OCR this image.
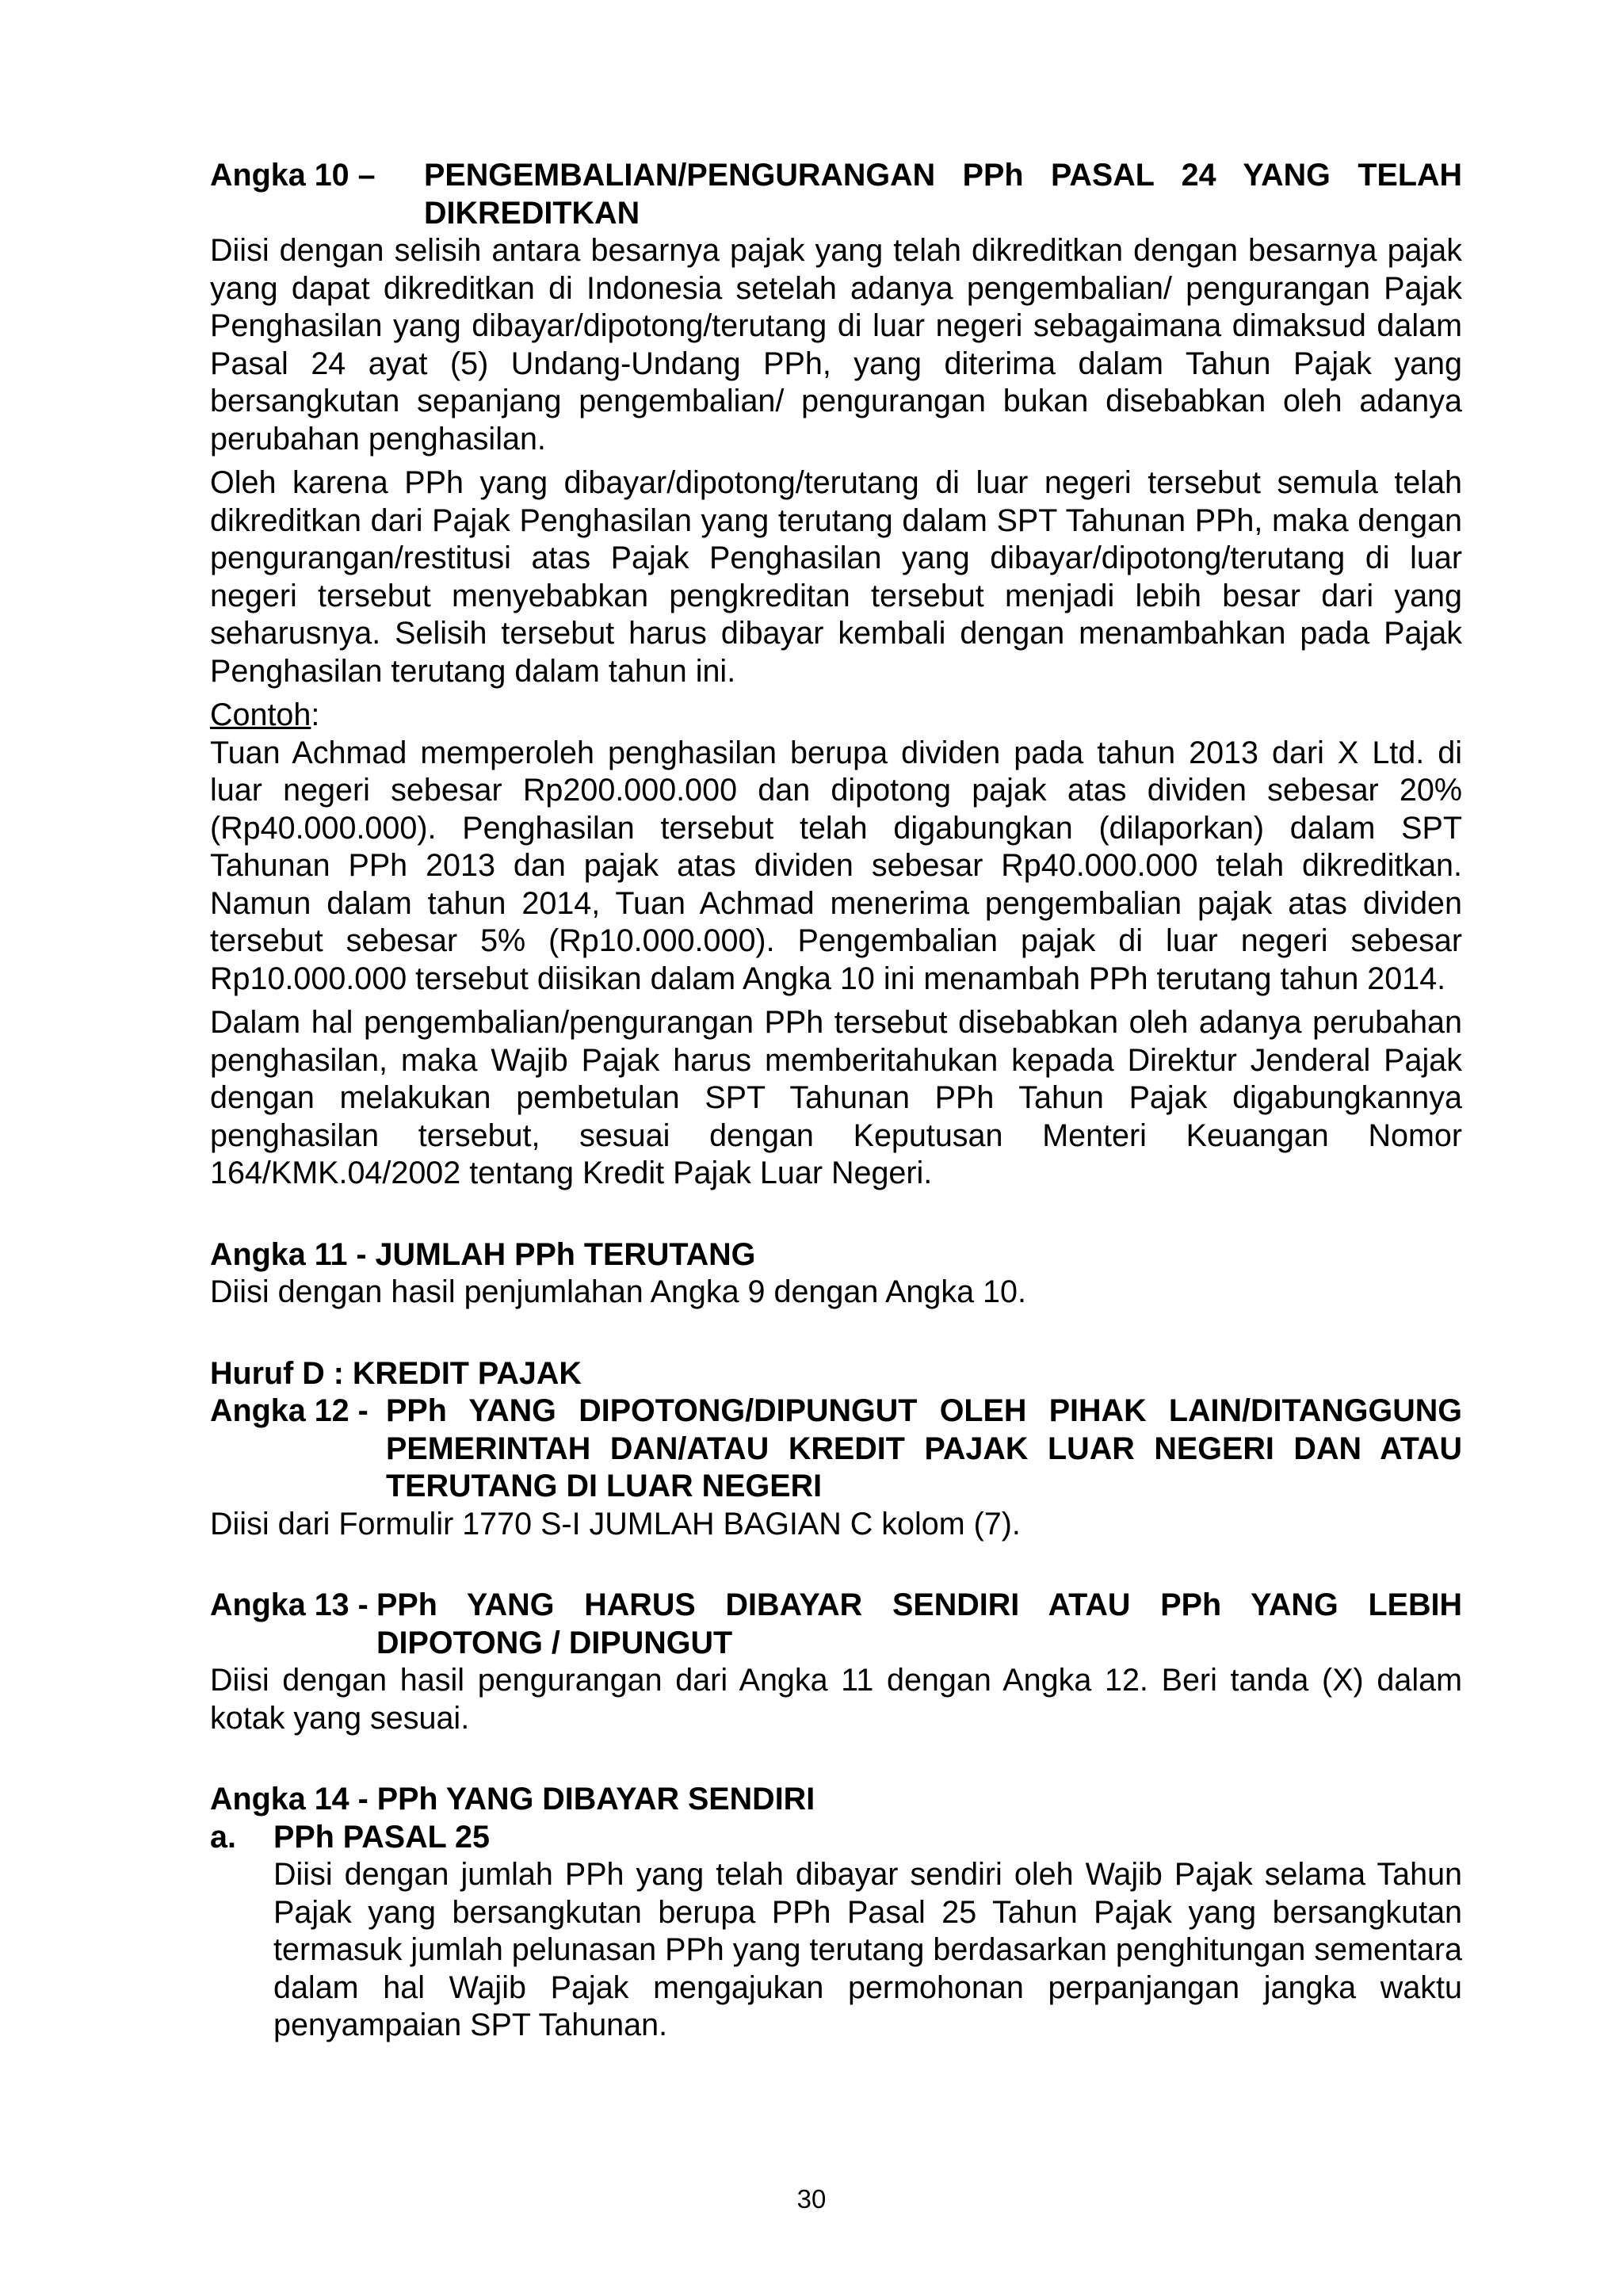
Angka 10 –	PENGEMBALIAN/PENGURANGAN PPh PASAL 24 YANG TELAH DIKREDITKAN

Diisi dengan selisih antara besarnya pajak yang telah dikreditkan dengan besarnya pajak yang dapat dikreditkan di Indonesia setelah adanya pengembalian/ pengurangan Pajak Penghasilan yang dibayar/dipotong/terutang di luar negeri sebagaimana dimaksud dalam Pasal 24 ayat (5) Undang-Undang PPh, yang diterima dalam Tahun Pajak yang bersangkutan sepanjang pengembalian/ pengurangan bukan disebabkan oleh adanya perubahan penghasilan.

Oleh karena PPh yang dibayar/dipotong/terutang di luar negeri tersebut semula telah dikreditkan dari Pajak Penghasilan yang terutang dalam SPT Tahunan PPh, maka dengan pengurangan/restitusi atas Pajak Penghasilan yang dibayar/dipotong/terutang di luar negeri tersebut menyebabkan pengkreditan tersebut menjadi lebih besar dari yang seharusnya. Selisih tersebut harus dibayar kembali dengan menambahkan pada Pajak Penghasilan terutang dalam tahun ini.

Contoh:

Tuan Achmad memperoleh penghasilan berupa dividen pada tahun 2013 dari X Ltd. di luar negeri sebesar Rp200.000.000 dan dipotong pajak atas dividen sebesar 20% (Rp40.000.000). Penghasilan tersebut telah digabungkan (dilaporkan) dalam SPT Tahunan PPh 2013 dan pajak atas dividen sebesar Rp40.000.000 telah dikreditkan. Namun dalam tahun 2014, Tuan Achmad menerima pengembalian pajak atas dividen tersebut sebesar 5% (Rp10.000.000). Pengembalian pajak di luar negeri sebesar Rp10.000.000 tersebut diisikan dalam Angka 10 ini menambah PPh terutang tahun 2014.

Dalam hal pengembalian/pengurangan PPh tersebut disebabkan oleh adanya perubahan penghasilan, maka Wajib Pajak harus memberitahukan kepada Direktur Jenderal Pajak dengan melakukan pembetulan SPT Tahunan PPh Tahun Pajak digabungkannya penghasilan tersebut, sesuai dengan Keputusan Menteri Keuangan Nomor 164/KMK.04/2002 tentang Kredit Pajak Luar Negeri.

Angka 11 - JUMLAH PPh TERUTANG

Diisi dengan hasil penjumlahan Angka 9 dengan Angka 10.

Huruf D : KREDIT PAJAK

Angka 12 - PPh YANG DIPOTONG/DIPUNGUT OLEH PIHAK LAIN/DITANGGUNG PEMERINTAH DAN/ATAU KREDIT PAJAK LUAR NEGERI DAN ATAU TERUTANG DI LUAR NEGERI

Diisi dari Formulir 1770 S-I JUMLAH BAGIAN C kolom (7).

Angka 13 - PPh YANG HARUS DIBAYAR SENDIRI ATAU PPh YANG LEBIH DIPOTONG / DIPUNGUT

Diisi dengan hasil pengurangan dari Angka 11 dengan Angka 12. Beri tanda (X) dalam kotak yang sesuai.

Angka 14 - PPh YANG DIBAYAR SENDIRI

a.	PPh PASAL 25

Diisi dengan jumlah PPh yang telah dibayar sendiri oleh Wajib Pajak selama Tahun Pajak yang bersangkutan berupa PPh Pasal 25 Tahun Pajak yang bersangkutan termasuk jumlah pelunasan PPh yang terutang berdasarkan penghitungan sementara dalam hal Wajib Pajak mengajukan permohonan perpanjangan jangka waktu penyampaian SPT Tahunan.

30
